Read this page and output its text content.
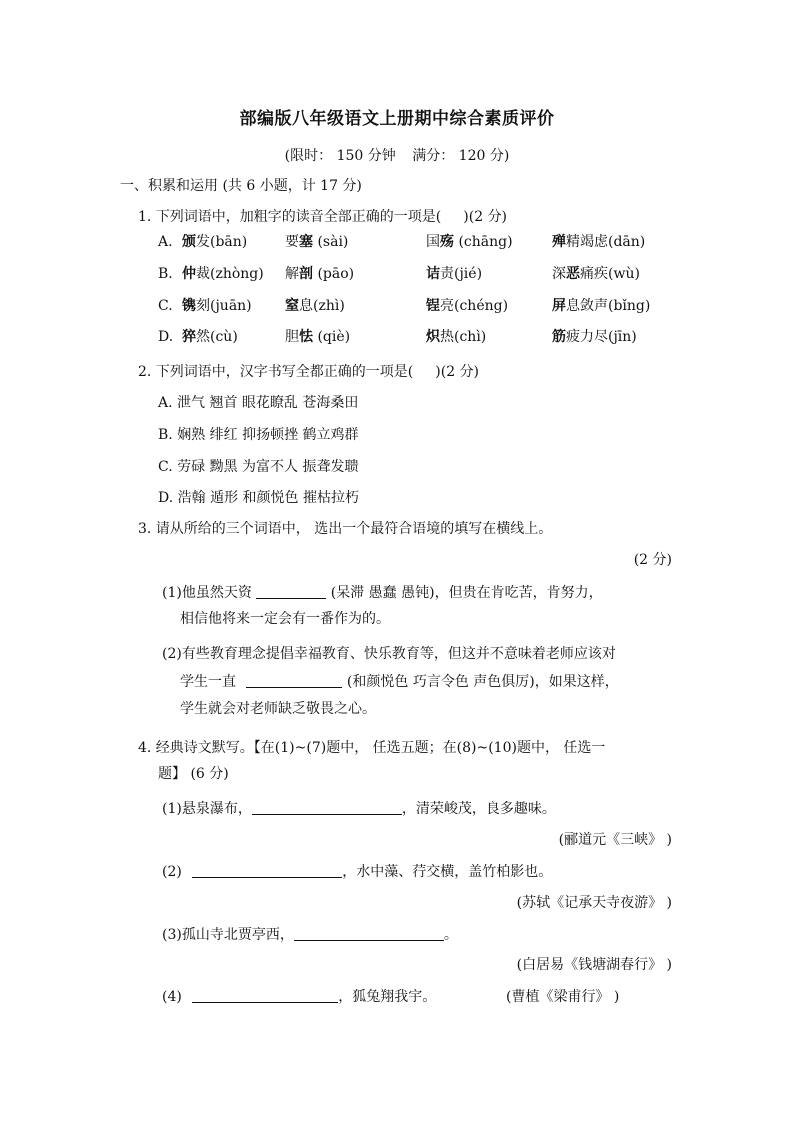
部编版八年级语文上册期中综合素质评价
(限时： 150 分钟 满分： 120 分)
一、积累和运用 (共 6 小题，计 17 分)
1. 下列词语中，加粗字的读音全部正确的一项是( )(2 分)
A. 颁发(bān)	要塞 (sài)	国殇 (chāng)	殚精竭虑(dān)
B. 仲裁(zhòng) 解剖 (pāo)	诘责(jié)	深恶痛疾(wù)
C. 镌刻(juān) 窒息(zhì)	锃亮(chéng)	屏息敛声(bǐng)
D. 猝然(cù)	胆怯 (qiè)	炽热(chì)	筋疲力尽(jīn)
2. 下列词语中，汉字书写全都正确的一项是( )(2 分)
A. 泄气 翘首 眼花瞭乱 苍海桑田
B. 娴熟 绯红 抑扬顿挫 鹤立鸡群
C. 劳碌 黝黑 为富不人 振聋发聩
D. 浩翰 遁形 和颜悦色 摧枯拉朽
3. 请从所给的三个词语中， 选出一个最符合语境的填写在横线上。
(2 分)
(1)他虽然天资	(呆滞 愚蠢 愚钝)，但贵在肯吃苦，肯努力，
相信他将来一定会有一番作为的。
(2)有些教育理念提倡幸福教育、快乐教育等，但这并不意味着老师应该对
学生一直	(和颜悦色 巧言令色 声色俱厉)，如果这样，
学生就会对老师缺乏敬畏之心。
4. 经典诗文默写。【在(1)~(7)题中， 任选五题；在(8)~(10)题中， 任选一
题】 (6 分)
(1)悬泉瀑布，	，清荣峻茂，良多趣味。
(郦道元《三峡》 )
(2)	，水中藻、荇交横，盖竹柏影也。
(苏轼《记承天寺夜游》 )
(3)孤山寺北贾亭西，	。
(白居易《钱塘湖春行》 )
(4)	，狐兔翔我宇。	(曹植《梁甫行》 )
